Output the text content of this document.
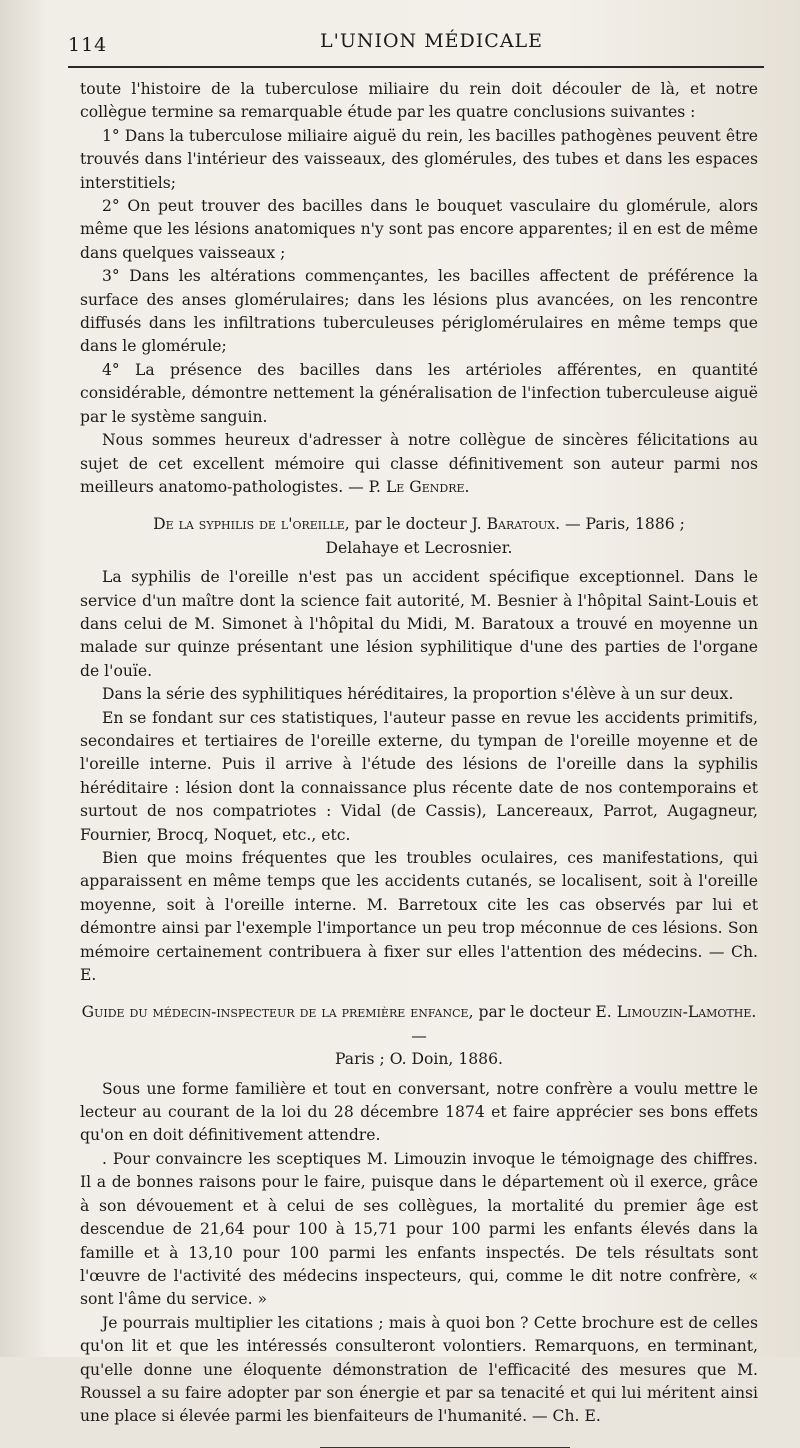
114	L'UNION MÉDICALE

toute l'histoire de la tuberculose miliaire du rein doit découler de là, et notre collègue termine sa remarquable étude par les quatre conclusions suivantes :

1° Dans la tuberculose miliaire aiguë du rein, les bacilles pathogènes peuvent être trouvés dans l'intérieur des vaisseaux, des glomérules, des tubes et dans les espaces interstitiels;

2° On peut trouver des bacilles dans le bouquet vasculaire du glomérule, alors même que les lésions anatomiques n'y sont pas encore apparentes; il en est de même dans quelques vaisseaux ;

3° Dans les altérations commençantes, les bacilles affectent de préférence la surface des anses glomérulaires; dans les lésions plus avancées, on les rencontre diffusés dans les infiltrations tuberculeuses périglomérulaires en même temps que dans le glomérule;

4° La présence des bacilles dans les artérioles afférentes, en quantité considérable, démontre nettement la généralisation de l'infection tuberculeuse aiguë par le système sanguin.

Nous sommes heureux d'adresser à notre collègue de sincères félicitations au sujet de cet excellent mémoire qui classe définitivement son auteur parmi nos meilleurs anatomo-pathologistes. — P. Le Gendre.

De la syphilis de l'oreille, par le docteur J. Baratoux. — Paris, 1886 ;
Delahaye et Lecrosnier.

La syphilis de l'oreille n'est pas un accident spécifique exceptionnel. Dans le service d'un maître dont la science fait autorité, M. Besnier à l'hôpital Saint-Louis et dans celui de M. Simonet à l'hôpital du Midi, M. Baratoux a trouvé en moyenne un malade sur quinze présentant une lésion syphilitique d'une des parties de l'organe de l'ouïe.

Dans la série des syphilitiques héréditaires, la proportion s'élève à un sur deux.

En se fondant sur ces statistiques, l'auteur passe en revue les accidents primitifs, secondaires et tertiaires de l'oreille externe, du tympan de l'oreille moyenne et de l'oreille interne. Puis il arrive à l'étude des lésions de l'oreille dans la syphilis héréditaire : lésion dont la connaissance plus récente date de nos contemporains et surtout de nos compatriotes : Vidal (de Cassis), Lancereaux, Parrot, Augagneur, Fournier, Brocq, Noquet, etc., etc.

Bien que moins fréquentes que les troubles oculaires, ces manifestations, qui apparaissent en même temps que les accidents cutanés, se localisent, soit à l'oreille moyenne, soit à l'oreille interne. M. Barretoux cite les cas observés par lui et démontre ainsi par l'exemple l'importance un peu trop méconnue de ces lésions. Son mémoire certainement contribuera à fixer sur elles l'attention des médecins. — Ch. E.

Guide du médecin-inspecteur de la première enfance, par le docteur E. Limouzin-Lamothe. —
Paris ; O. Doin, 1886.

Sous une forme familière et tout en conversant, notre confrère a voulu mettre le lecteur au courant de la loi du 28 décembre 1874 et faire apprécier ses bons effets qu'on en doit définitivement attendre.

. Pour convaincre les sceptiques M. Limouzin invoque le témoignage des chiffres. Il a de bonnes raisons pour le faire, puisque dans le département où il exerce, grâce à son dévouement et à celui de ses collègues, la mortalité du premier âge est descendue de 21,64 pour 100 à 15,71 pour 100 parmi les enfants élevés dans la famille et à 13,10 pour 100 parmi les enfants inspectés. De tels résultats sont l'œuvre de l'activité des médecins inspecteurs, qui, comme le dit notre confrère, « sont l'âme du service. »

Je pourrais multiplier les citations ; mais à quoi bon ? Cette brochure est de celles qu'on lit et que les intéressés consulteront volontiers. Remarquons, en terminant, qu'elle donne une éloquente démonstration de l'efficacité des mesures que M. Roussel a su faire adopter par son énergie et par sa tenacité et qui lui méritent ainsi une place si élevée parmi les bienfaiteurs de l'humanité. — Ch. E.
